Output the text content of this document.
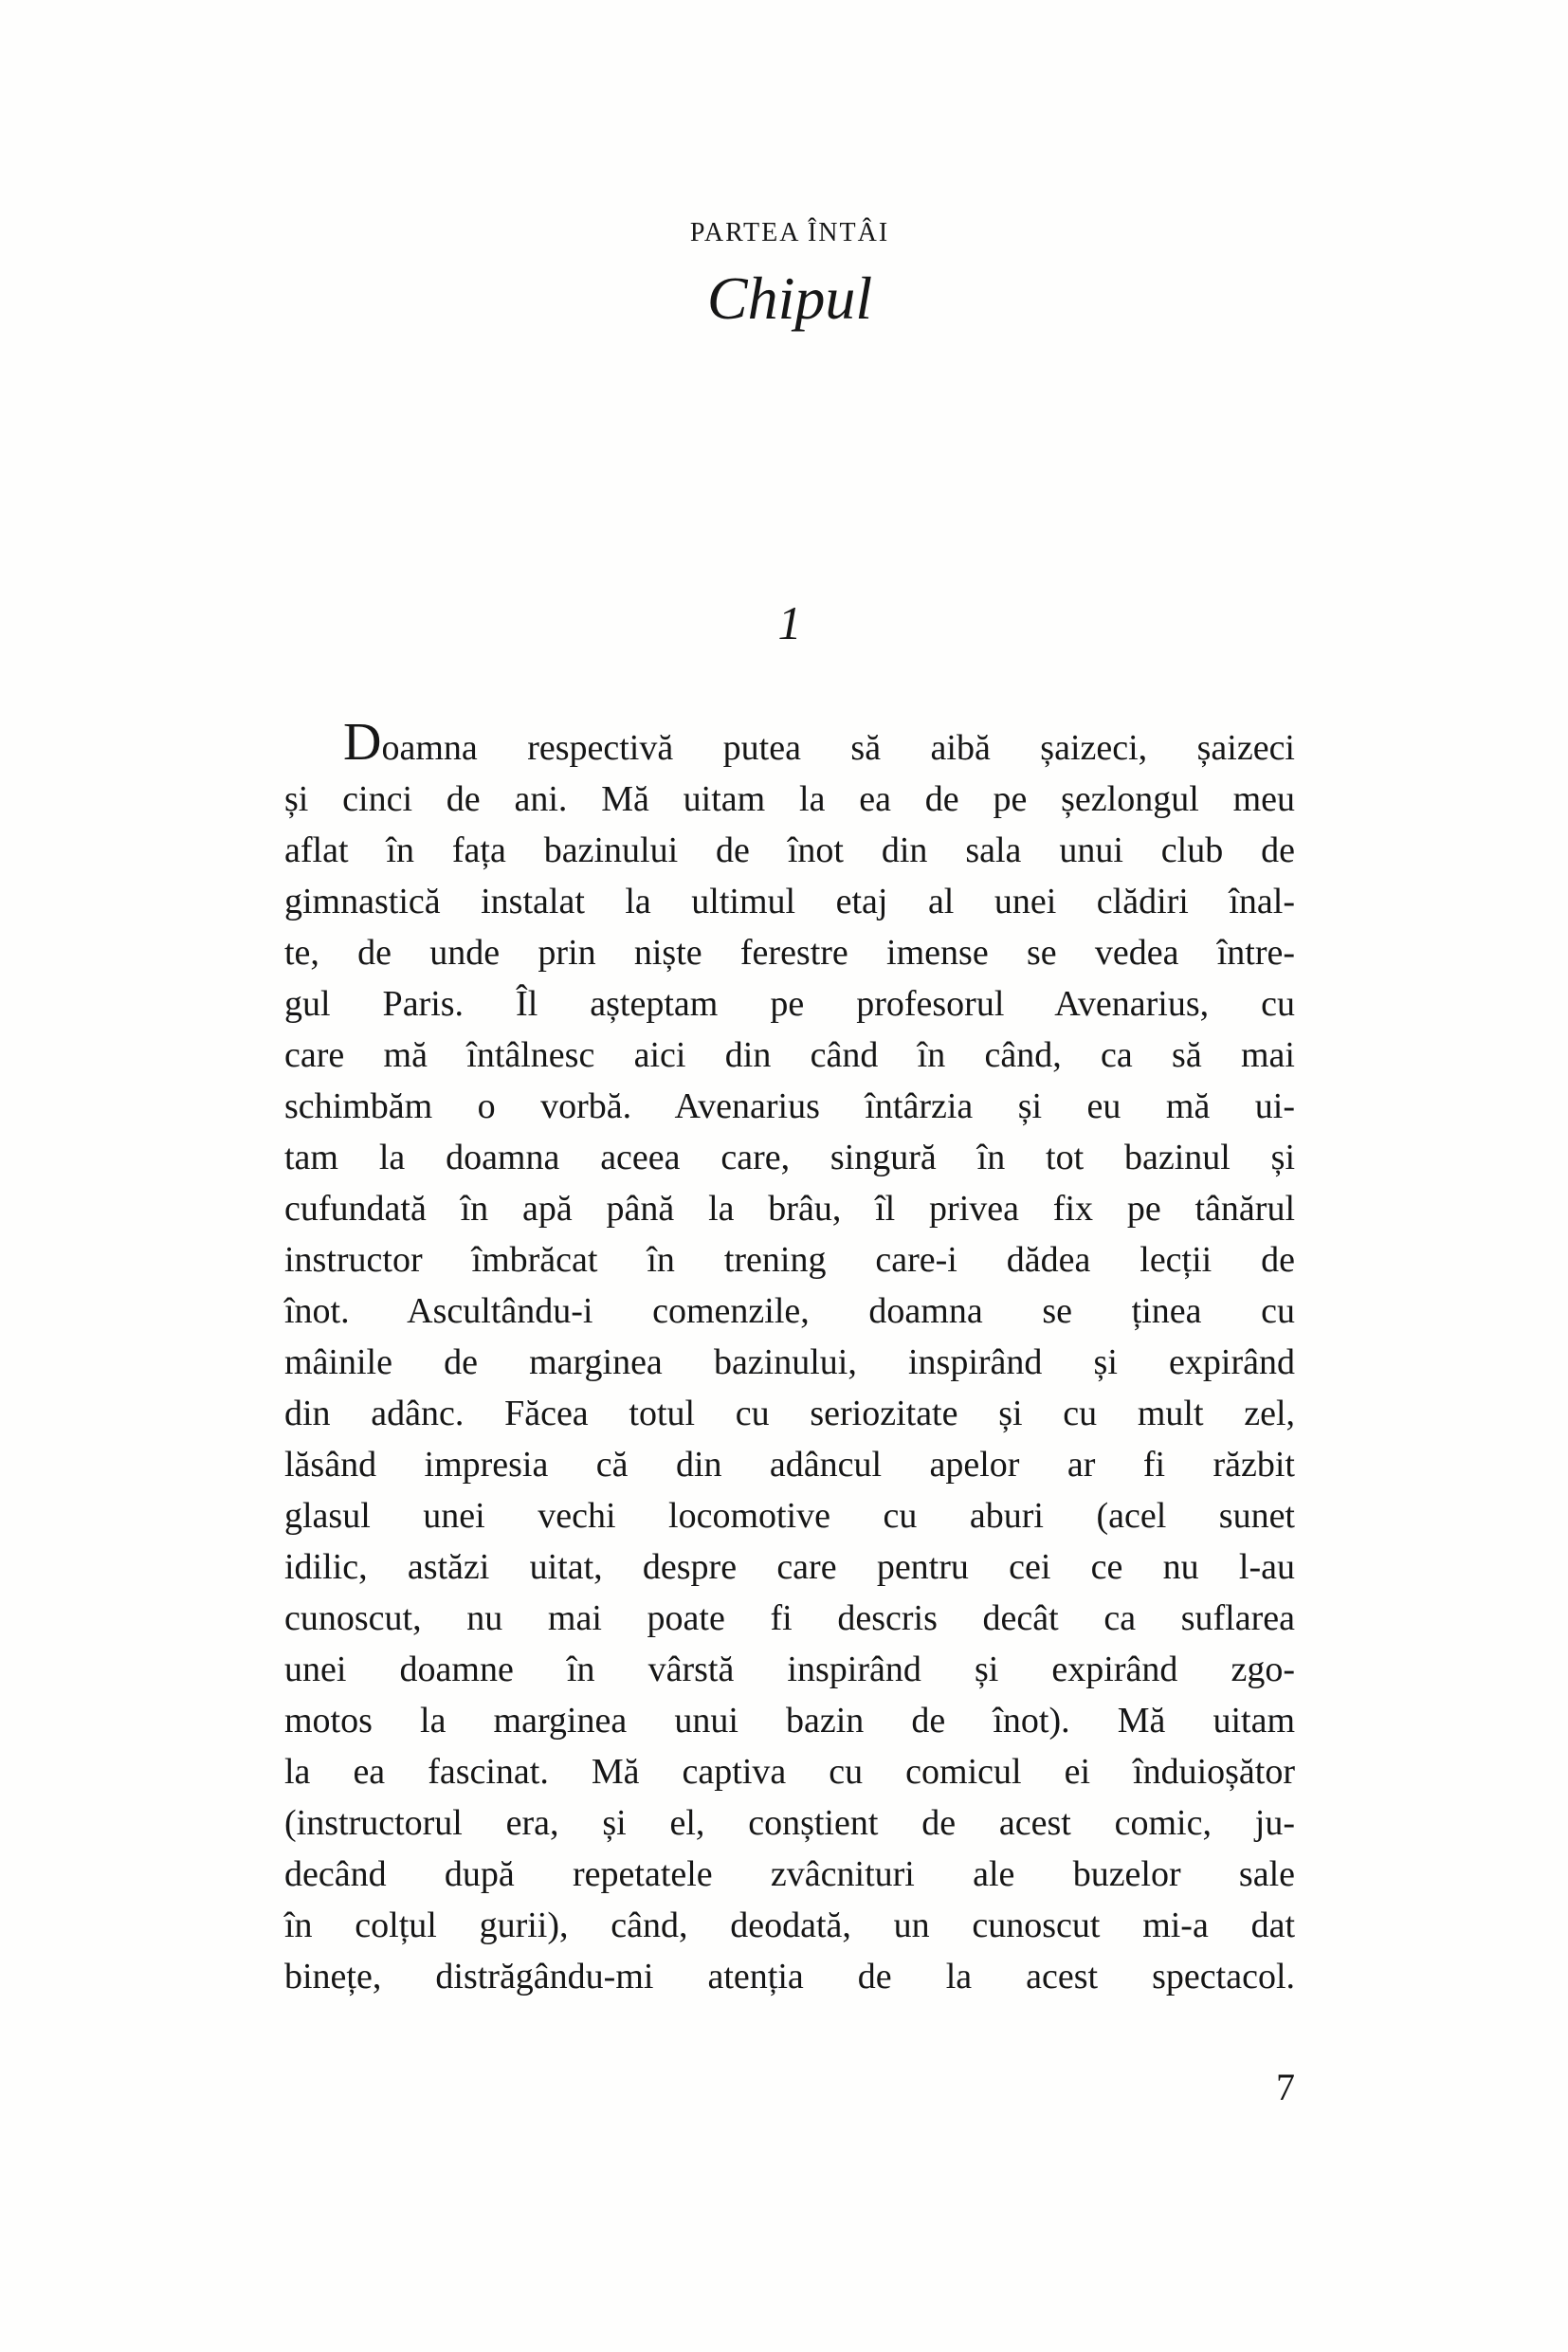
PARTEA ÎNTÂI
Chipul
1
Doamna respectivă putea să aibă șaizeci, șaizeci
și cinci de ani. Mă uitam la ea de pe șezlongul meu
aflat în fața bazinului de înot din sala unui club de
gimnastică instalat la ultimul etaj al unei clădiri înal-
te, de unde prin niște ferestre imense se vedea între-
gul Paris. Îl așteptam pe profesorul Avenarius, cu
care mă întâlnesc aici din când în când, ca să mai
schimbăm o vorbă. Avenarius întârzia și eu mă ui-
tam la doamna aceea care, singură în tot bazinul și
cufundată în apă până la brâu, îl privea fix pe tânărul
instructor îmbrăcat în trening care-i dădea lecții de
înot. Ascultându-i comenzile, doamna se ținea cu
mâinile de marginea bazinului, inspirând și expirând
din adânc. Făcea totul cu seriozitate și cu mult zel,
lăsând impresia că din adâncul apelor ar fi răzbit
glasul unei vechi locomotive cu aburi (acel sunet
idilic, astăzi uitat, despre care pentru cei ce nu l-au
cunoscut, nu mai poate fi descris decât ca suflarea
unei doamne în vârstă inspirând și expirând zgo-
motos la marginea unui bazin de înot). Mă uitam
la ea fascinat. Mă captiva cu comicul ei înduioșător
(instructorul era, și el, conștient de acest comic, ju-
decând după repetatele zvâcnituri ale buzelor sale
în colțul gurii), când, deodată, un cunoscut mi-a dat
binețe, distrăgându-mi atenția de la acest spectacol.
7
